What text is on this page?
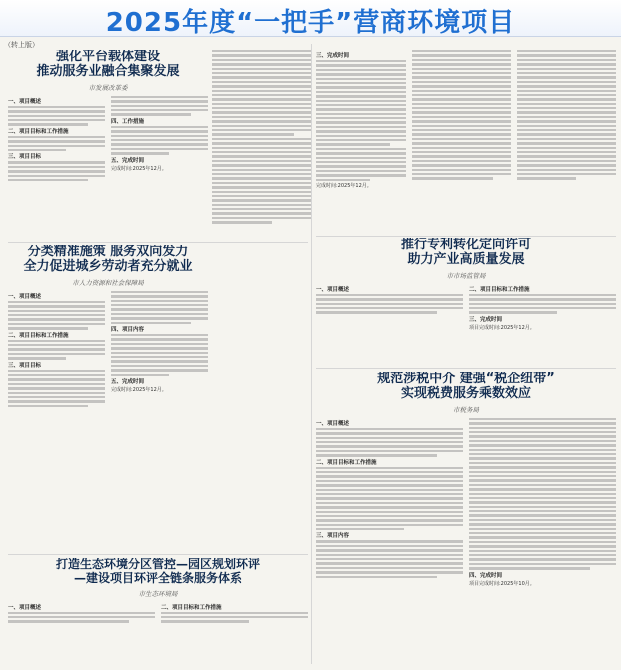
2025年度“一把手”营商环境项目
（转上版）
强化平台载体建设
推动服务业融合集聚发展
市发展改革委
一、项目概述
二、项目目标和工作措施
三、项目目标
四、工作措施
五、完成时间
完成时间:2025年12月。
分类精准施策 服务双向发力
全力促进城乡劳动者充分就业
市人力资源和社会保障局
一、项目概述
二、项目目标和工作措施
三、项目目标
四、项目内容
五、完成时间
完成时间:2025年12月。
打造生态环境分区管控—园区规划环评
—建设项目环评全链条服务体系
市生态环境局
一、项目概述	二、项目目标和工作措施
三、完成时间
完成时间:2025年12月。
推行专利转化定向许可
助力产业高质量发展
市市场监管局
一、项目概述	二、项目目标和工作措施
三、完成时间
项目完成时间:2025年12月。
规范涉税中介 建强“税企纽带”
实现税费服务乘数效应
市税务局
一、项目概述
二、项目目标和工作措施
三、项目内容
四、完成时间
项目完成时间:2025年10月。
